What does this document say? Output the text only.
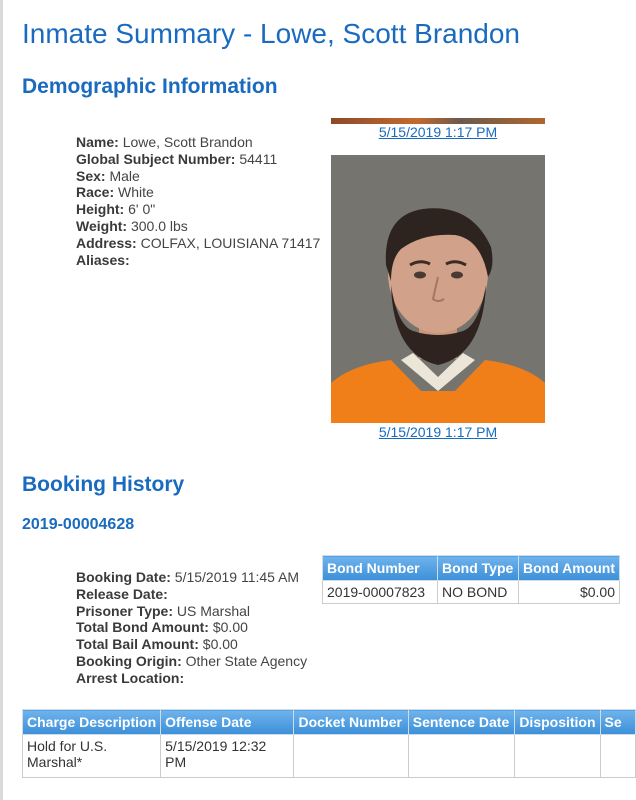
Inmate Summary - Lowe, Scott Brandon
Demographic Information
Name: Lowe, Scott Brandon
Global Subject Number: 54411
Sex: Male
Race: White
Height: 6' 0"
Weight: 300.0 lbs
Address: COLFAX, LOUISIANA 71417
Aliases:
5/15/2019 1:17 PM
5/15/2019 1:17 PM
Booking History
2019-00004628
Booking Date: 5/15/2019 11:45 AM
Release Date:
Prisoner Type: US Marshal
Total Bond Amount: $0.00
Total Bail Amount: $0.00
Booking Origin: Other State Agency
Arrest Location:
Bond Number	Bond Type	Bond Amount
2019-00007823	NO BOND	$0.00
Charge Description	Offense Date	Docket Number	Sentence Date	Disposition	Se
Hold for U.S. Marshal*	5/15/2019 12:32 PM				
